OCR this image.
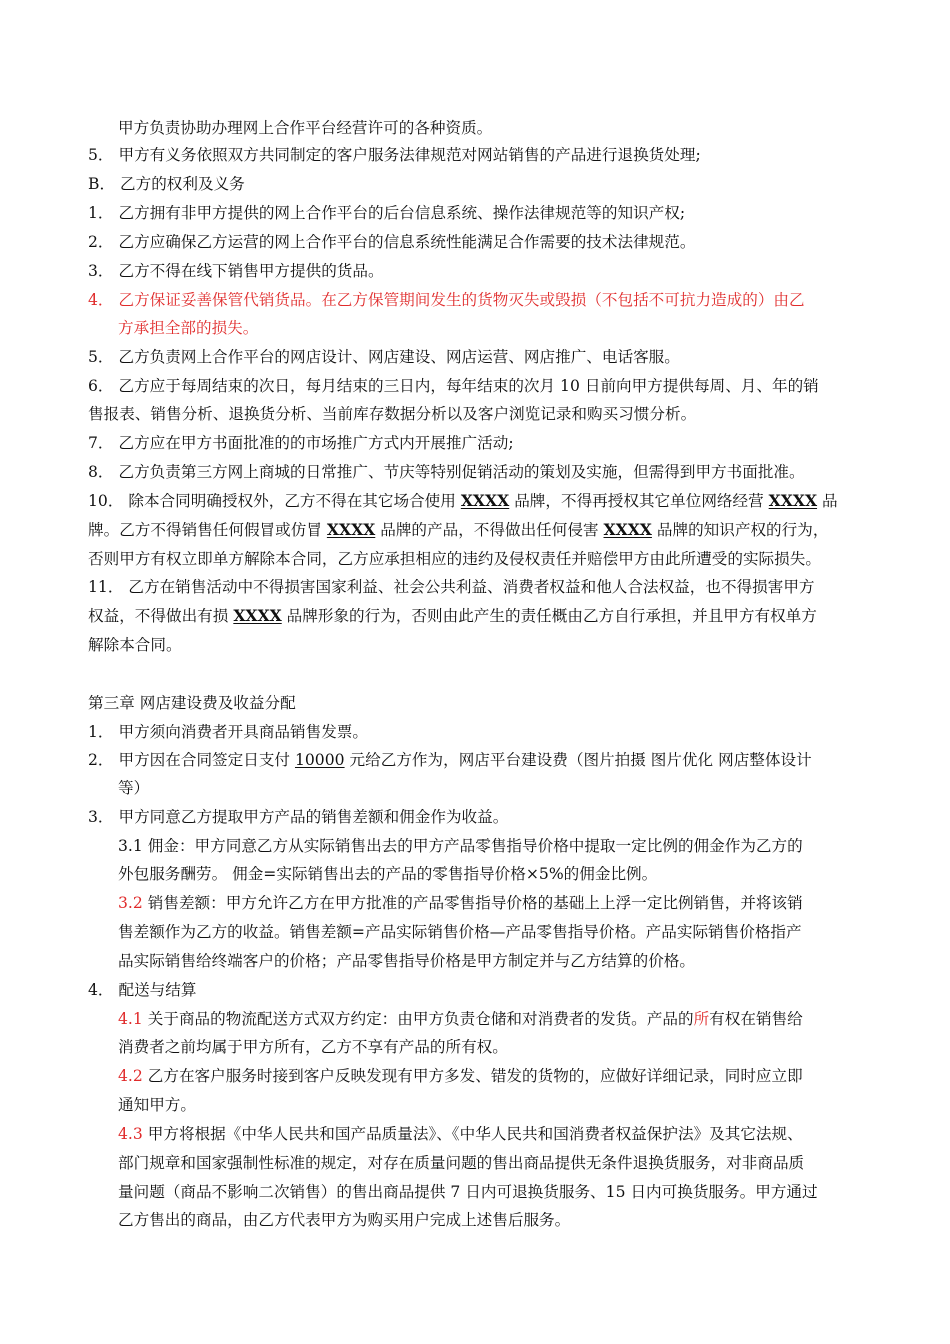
甲方负责协助办理网上合作平台经营许可的各种资质。
5． 甲方有义务依照双方共同制定的客户服务法律规范对网站销售的产品进行退换货处理;
B． 乙方的权利及义务
1． 乙方拥有非甲方提供的网上合作平台的后台信息系统、操作法律规范等的知识产权;
2． 乙方应确保乙方运营的网上合作平台的信息系统性能满足合作需要的技术法律规范。
3． 乙方不得在线下销售甲方提供的货品。
4． 乙方保证妥善保管代销货品。在乙方保管期间发生的货物灭失或毁损（不包括不可抗力造成的）由乙
方承担全部的损失。
5． 乙方负责网上合作平台的网店设计、网店建设、网店运营、网店推广、电话客服。
6． 乙方应于每周结束的次日，每月结束的三日内，每年结束的次月 10 日前向甲方提供每周、月、年的销
售报表、销售分析、退换货分析、当前库存数据分析以及客户浏览记录和购买习惯分析。
7． 乙方应在甲方书面批准的的市场推广方式内开展推广活动;
8． 乙方负责第三方网上商城的日常推广、节庆等特别促销活动的策划及实施，但需得到甲方书面批准。
10． 除本合同明确授权外，乙方不得在其它场合使用 XXXX 品牌，不得再授权其它单位网络经营 XXXX 品
牌。乙方不得销售任何假冒或仿冒 XXXX 品牌的产品，不得做出任何侵害 XXXX 品牌的知识产权的行为，
否则甲方有权立即单方解除本合同，乙方应承担相应的违约及侵权责任并赔偿甲方由此所遭受的实际损失。
11． 乙方在销售活动中不得损害国家利益、社会公共利益、消费者权益和他人合法权益，也不得损害甲方
权益，不得做出有损 XXXX 品牌形象的行为，否则由此产生的责任概由乙方自行承担，并且甲方有权单方
解除本合同。
第三章 网店建设费及收益分配
1． 甲方须向消费者开具商品销售发票。
2． 甲方因在合同签定日支付 10000 元给乙方作为，网店平台建设费（图片拍摄 图片优化 网店整体设计
等）
3． 甲方同意乙方提取甲方产品的销售差额和佣金作为收益。
3.1 佣金：甲方同意乙方从实际销售出去的甲方产品零售指导价格中提取一定比例的佣金作为乙方的
外包服务酬劳。 佣金=实际销售出去的产品的零售指导价格×5%的佣金比例。
3.2 销售差额：甲方允许乙方在甲方批准的产品零售指导价格的基础上上浮一定比例销售，并将该销
售差额作为乙方的收益。销售差额=产品实际销售价格—产品零售指导价格。产品实际销售价格指产
品实际销售给终端客户的价格；产品零售指导价格是甲方制定并与乙方结算的价格。
4． 配送与结算
4.1 关于商品的物流配送方式双方约定：由甲方负责仓储和对消费者的发货。产品的所有权在销售给
消费者之前均属于甲方所有，乙方不享有产品的所有权。
4.2 乙方在客户服务时接到客户反映发现有甲方多发、错发的货物的，应做好详细记录，同时应立即
通知甲方。
4.3 甲方将根据《中华人民共和国产品质量法》、《中华人民共和国消费者权益保护法》及其它法规、
部门规章和国家强制性标准的规定，对存在质量问题的售出商品提供无条件退换货服务，对非商品质
量问题（商品不影响二次销售）的售出商品提供 7 日内可退换货服务、15 日内可换货服务。甲方通过
乙方售出的商品，由乙方代表甲方为购买用户完成上述售后服务。
